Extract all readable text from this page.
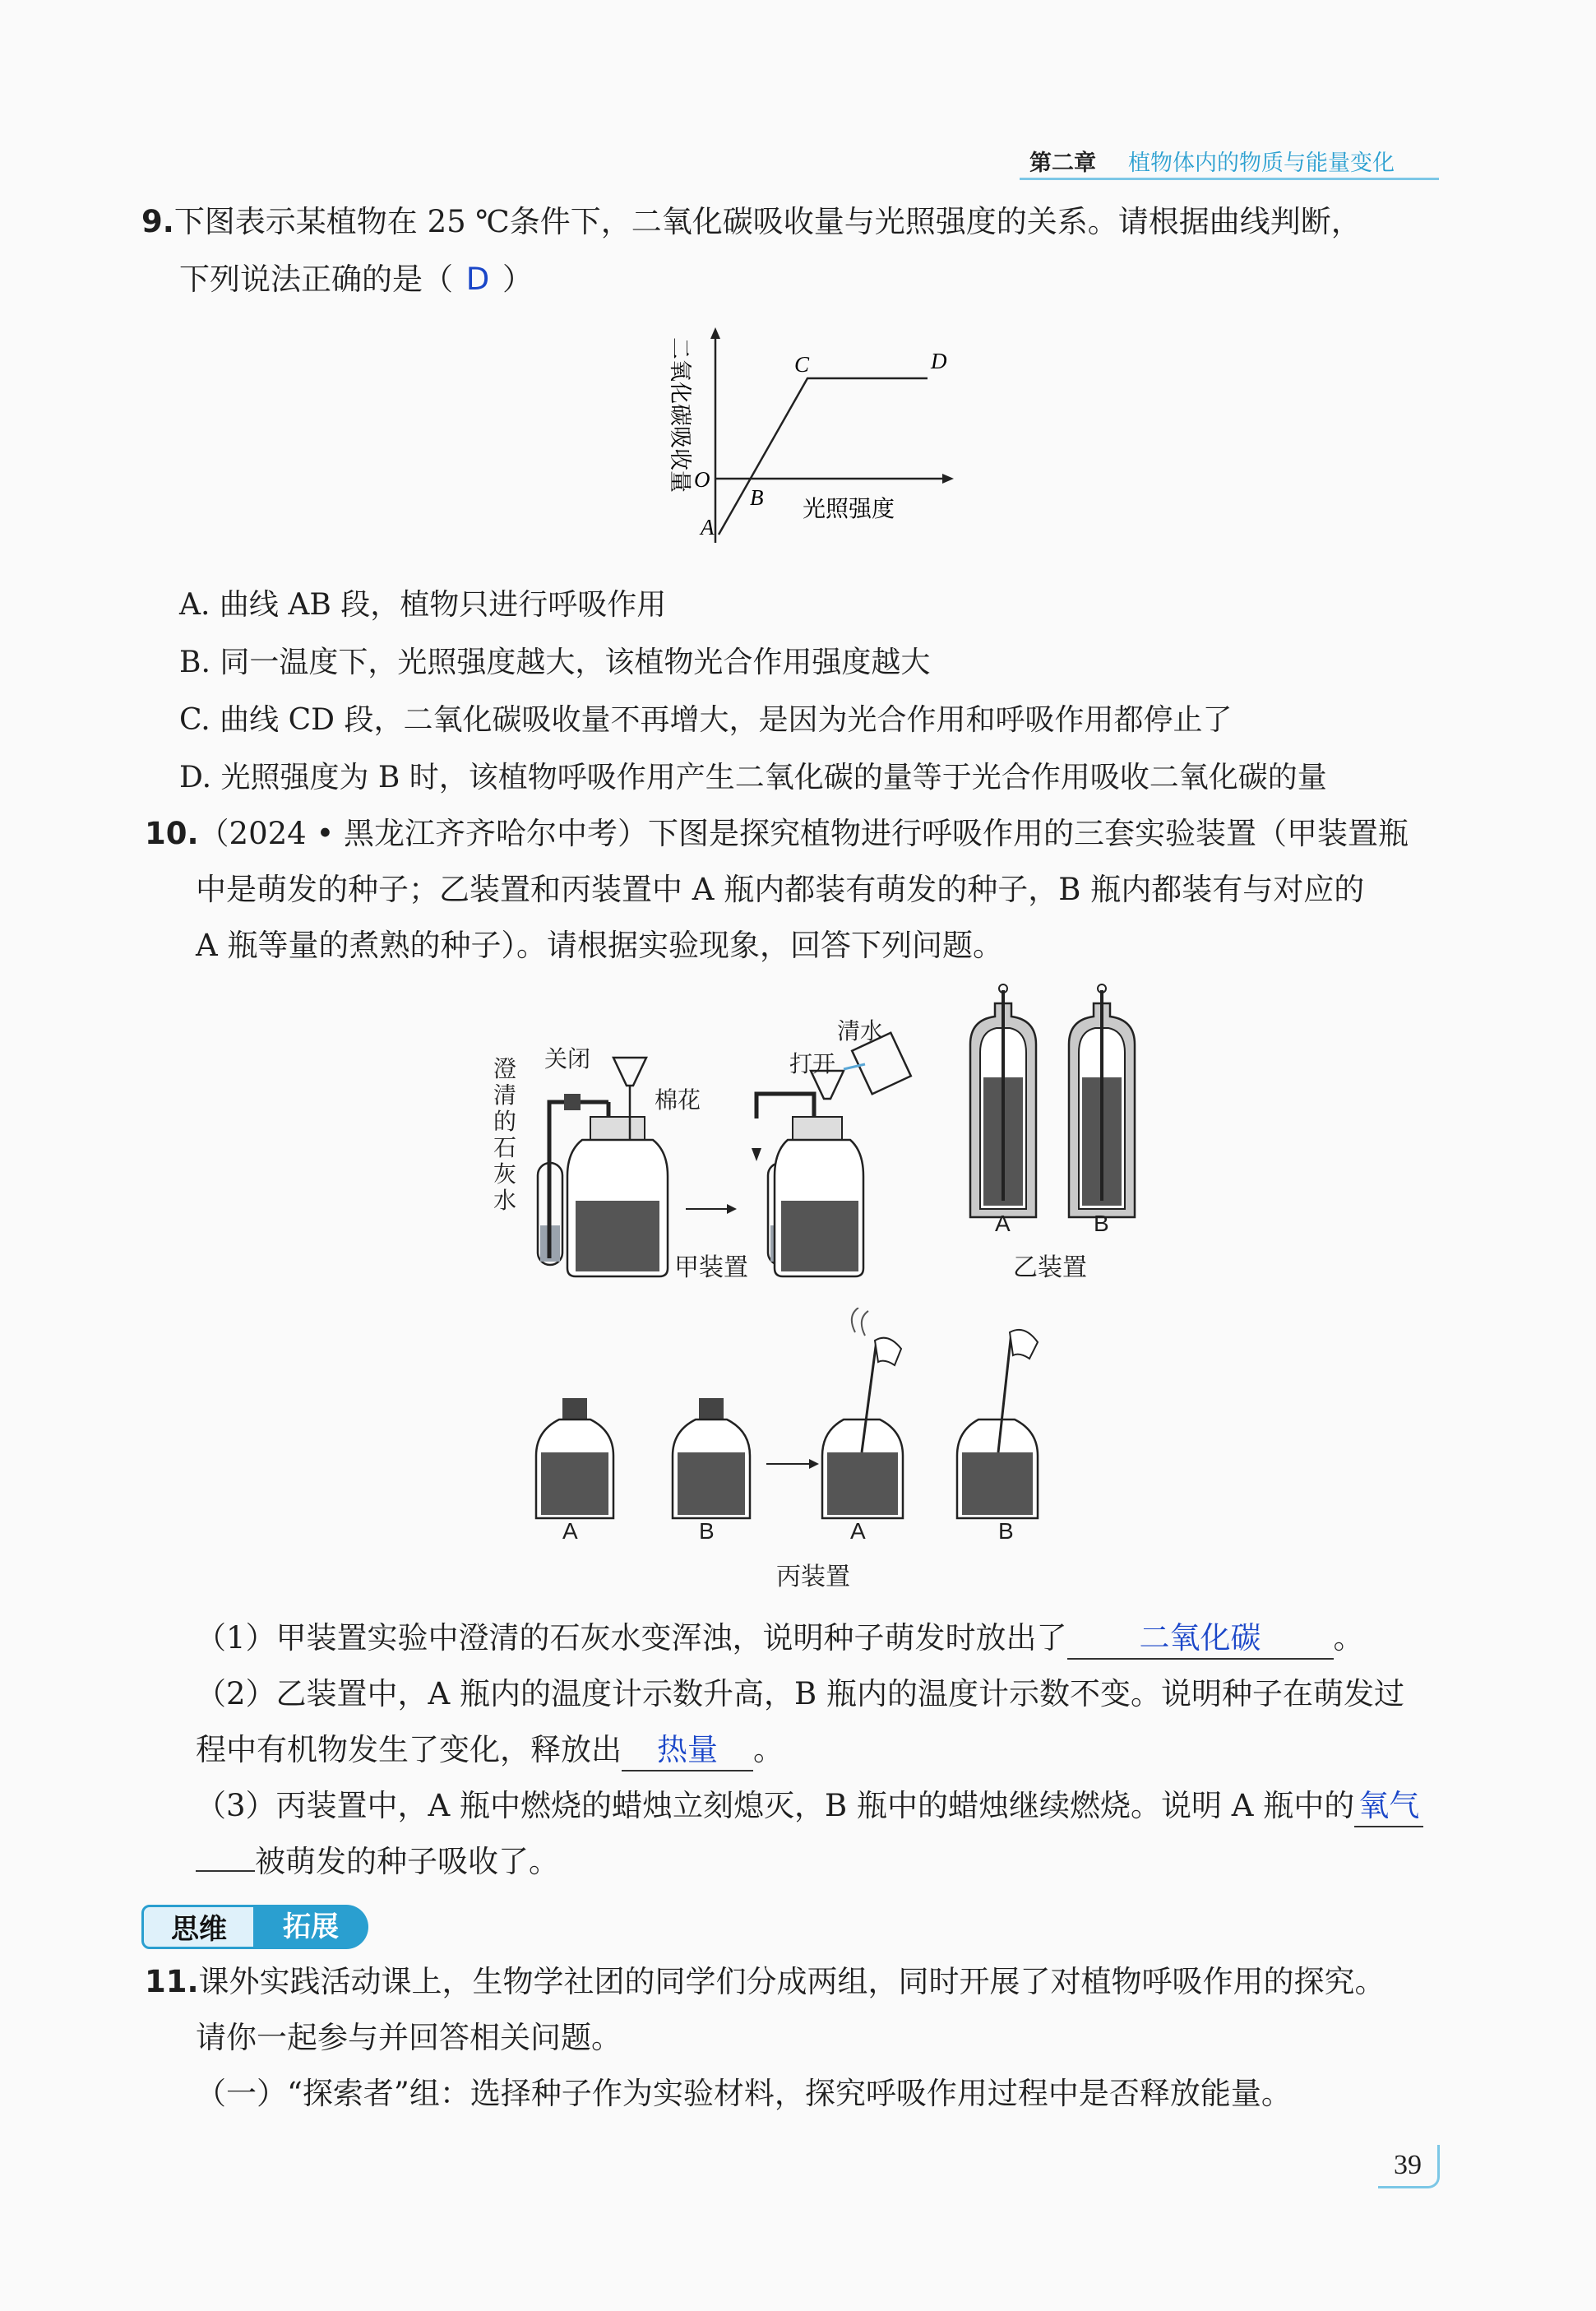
第二章 植物体内的物质与能量变化
9.下图表示某植物在 25 ℃条件下，二氧化碳吸收量与光照强度的关系。请根据曲线判断，
下列说法正确的是（ D ）
A
B
C	D
O
光照强度
二氧化碳吸收量
A. 曲线 AB 段，植物只进行呼吸作用
B. 同一温度下，光照强度越大，该植物光合作用强度越大
C. 曲线 CD 段，二氧化碳吸收量不再增大，是因为光合作用和呼吸作用都停止了
D. 光照强度为 B 时，该植物呼吸作用产生二氧化碳的量等于光合作用吸收二氧化碳的量
10.（2024 • 黑龙江齐齐哈尔中考）下图是探究植物进行呼吸作用的三套实验装置（甲装置瓶
中是萌发的种子；乙装置和丙装置中 A 瓶内都装有萌发的种子，B 瓶内都装有与对应的
A 瓶等量的煮熟的种子）。请根据实验现象，回答下列问题。
关闭
棉花
澄清的石灰水
打开
清水
甲装置
A	B
乙装置
A	B	A	B
丙装置
（1）甲装置实验中澄清的石灰水变浑浊，说明种子萌发时放出了 二氧化碳 。
（2）乙装置中，A 瓶内的温度计示数升高，B 瓶内的温度计示数不变。说明种子在萌发过
程中有机物发生了变化，释放出 热量 。
（3）丙装置中，A 瓶中燃烧的蜡烛立刻熄灭，B 瓶中的蜡烛继续燃烧。说明 A 瓶中的 氧气
被萌发的种子吸收了。
思维	拓展
11.课外实践活动课上，生物学社团的同学们分成两组，同时开展了对植物呼吸作用的探究。
请你一起参与并回答相关问题。
（一）“探索者”组：选择种子作为实验材料，探究呼吸作用过程中是否释放能量。
39
